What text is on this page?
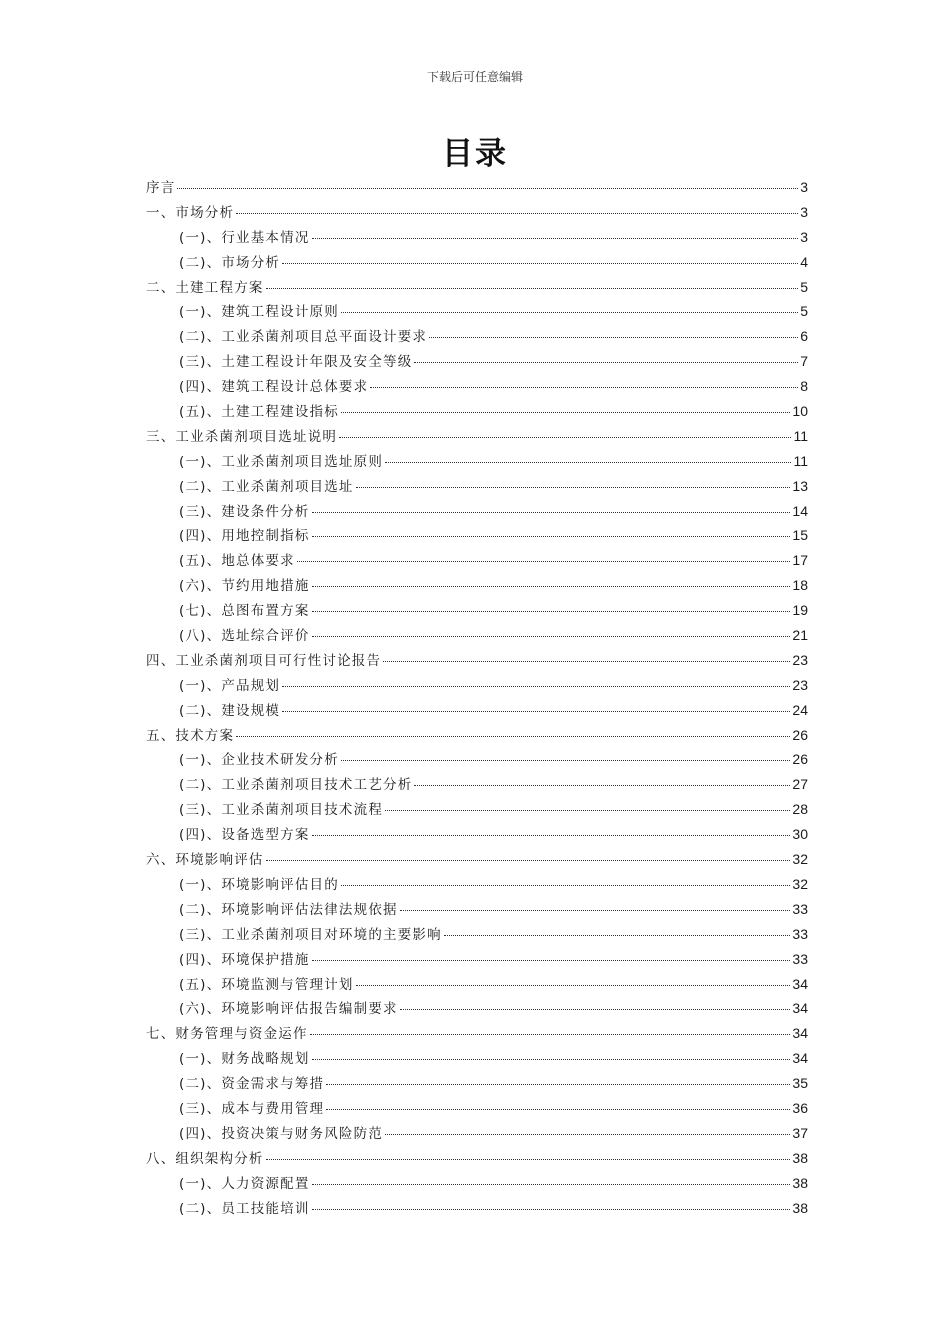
下载后可任意编辑
目录
序言	3
一、市场分析	3
(一)、行业基本情况	3
(二)、市场分析	4
二、土建工程方案	5
(一)、建筑工程设计原则	5
(二)、工业杀菌剂项目总平面设计要求	6
(三)、土建工程设计年限及安全等级	7
(四)、建筑工程设计总体要求	8
(五)、土建工程建设指标	10
三、工业杀菌剂项目选址说明	11
(一)、工业杀菌剂项目选址原则	11
(二)、工业杀菌剂项目选址	13
(三)、建设条件分析	14
(四)、用地控制指标	15
(五)、地总体要求	17
(六)、节约用地措施	18
(七)、总图布置方案	19
(八)、选址综合评价	21
四、工业杀菌剂项目可行性讨论报告	23
(一)、产品规划	23
(二)、建设规模	24
五、技术方案	26
(一)、企业技术研发分析	26
(二)、工业杀菌剂项目技术工艺分析	27
(三)、工业杀菌剂项目技术流程	28
(四)、设备选型方案	30
六、环境影响评估	32
(一)、环境影响评估目的	32
(二)、环境影响评估法律法规依据	33
(三)、工业杀菌剂项目对环境的主要影响	33
(四)、环境保护措施	33
(五)、环境监测与管理计划	34
(六)、环境影响评估报告编制要求	34
七、财务管理与资金运作	34
(一)、财务战略规划	34
(二)、资金需求与筹措	35
(三)、成本与费用管理	36
(四)、投资决策与财务风险防范	37
八、组织架构分析	38
(一)、人力资源配置	38
(二)、员工技能培训	38
